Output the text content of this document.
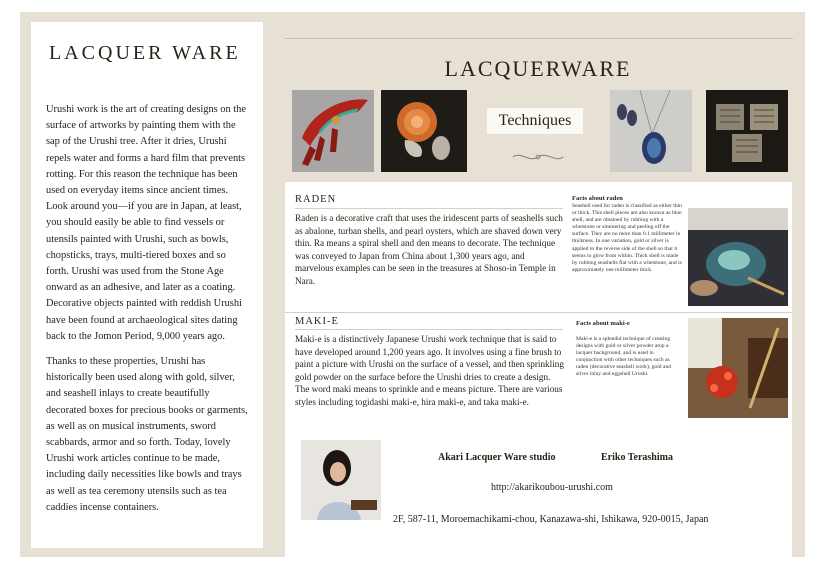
LACQUER WARE

Urushi work is the art of creating designs on the surface of artworks by painting them with the sap of the Urushi tree. After it dries, Urushi repels water and forms a hard film that prevents rotting. For this reason the technique has been used on everyday items since ancient times. Look around you—if you are in Japan, at least, you should easily be able to find vessels or utensils painted with Urushi, such as bowls, chopsticks, trays, multi-tiered boxes and so forth. Urushi was used from the Stone Age onward as an adhesive, and later as a coating. Decorative objects painted with reddish Urushi have been found at archaeological sites dating back to the Jomon Period, 9,000 years ago.

Thanks to these properties, Urushi has historically been used along with gold, silver, and seashell inlays to create beautifully decorated boxes for precious books or garments, as well as on musical instruments, sword scabbards, armor and so forth. Today, lovely Urushi work articles continue to be made, including daily necessities like bowls and trays as well as tea ceremony utensils such as tea caddies incense containers.

LACQUERWARE
Techniques
RADEN
Raden is a decorative craft that uses the iridescent parts of seashells such as abalone, turban shells, and pearl oysters, which are shaved down very thin. Ra means a spiral shell and den means to decorate. The technique was conveyed to Japan from China about 1,300 years ago, and marvelous examples can be seen in the treasures at Shoso-in Temple in Nara.
Facts about raden
Seashell used for raden is classified as either thin or thick. This shell pieces are also known as blue shell, and are obtained by rubbing with a whetstone or simmering and peeling off the surface. They are no more than 0.1 millimeter in thickness. In one variation, gold or silver is applied to the reverse side of the shell so that it seems to glow from within. Thick shell is made by rubbing seashells flat with a whetstone, and is approximately one millimeter thick.
MAKI-E
Maki-e is a distinctively Japanese Urushi work technique that is said to have developed around 1,200 years ago. It involves using a fine brush to paint a picture with Urushi on the surface of a vessel, and then sprinkling gold powder on the surface before the Urushi dries to create a design. The word maki means to sprinkle and e means picture. There are various styles including togidashi maki-e, hira maki-e, and taka maki-e.
Facts about maki-e
Maki-e is a splendid technique of creating designs with gold or silver powder atop a lacquer background, and is used in conjunction with other techniques such as raden (decorative seashell work), gold and silver inlay and eggshell Urushi.
Akari Lacquer Ware studio	Eriko Terashima
http://akarikoubou-urushi.com
2F, 587-11, Moroemachikami-chou, Kanazawa-shi, Ishikawa, 920-0015, Japan
